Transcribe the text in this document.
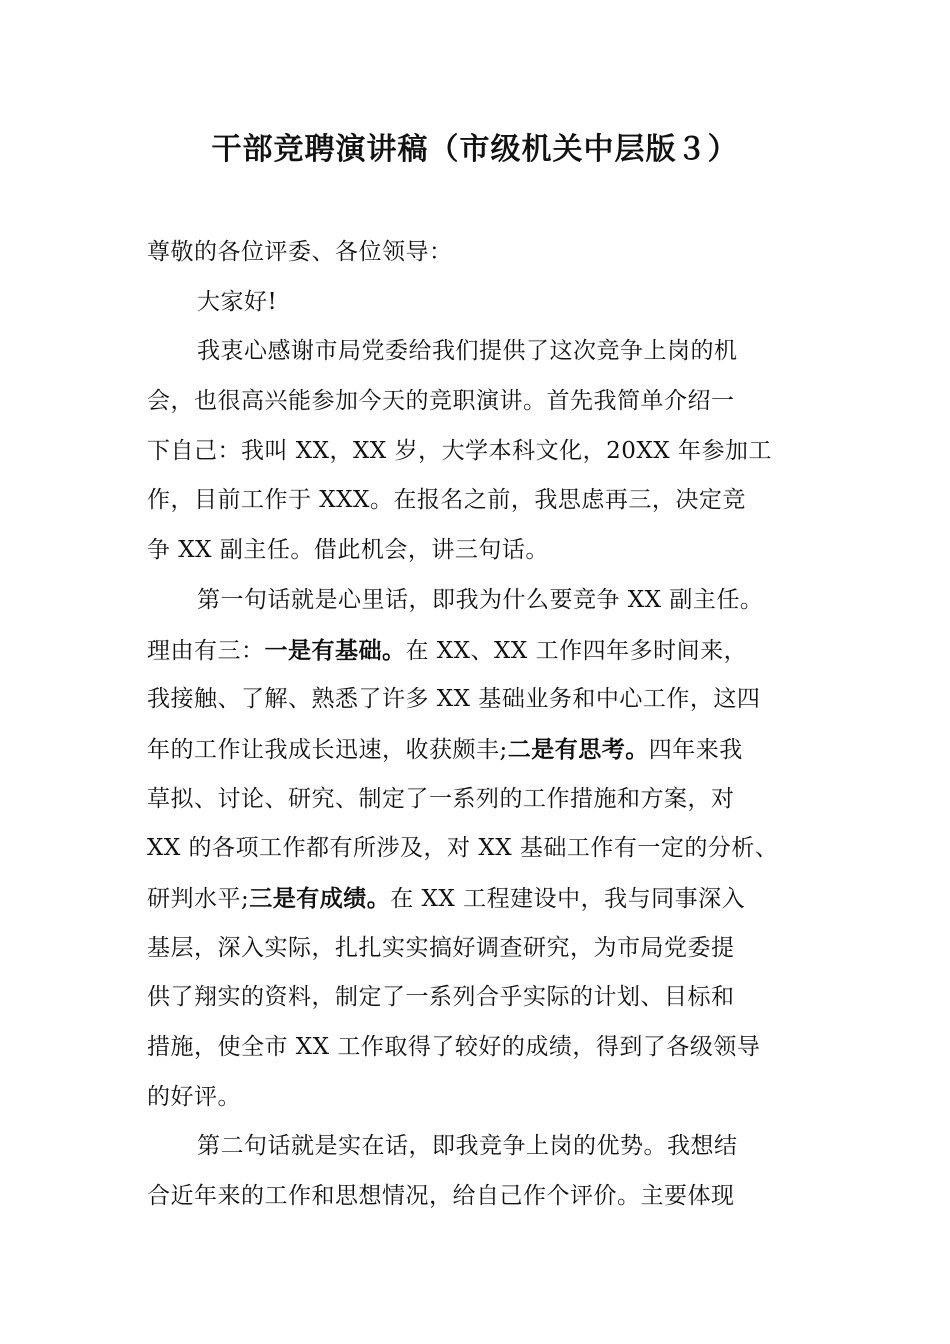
干部竞聘演讲稿（市级机关中层版３）
尊敬的各位评委、各位领导：
大家好!
我衷心感谢市局党委给我们提供了这次竞争上岗的机
会，也很高兴能参加今天的竞职演讲。首先我简单介绍一
下自己：我叫 XX，XX 岁，大学本科文化，20XX 年参加工
作，目前工作于 XXX。在报名之前，我思虑再三，决定竞
争 XX 副主任。借此机会，讲三句话。
第一句话就是心里话，即我为什么要竞争 XX 副主任。
理由有三：一是有基础。在 XX、XX 工作四年多时间来，
我接触、了解、熟悉了许多 XX 基础业务和中心工作，这四
年的工作让我成长迅速，收获颇丰;二是有思考。四年来我
草拟、讨论、研究、制定了一系列的工作措施和方案，对
XX 的各项工作都有所涉及，对 XX 基础工作有一定的分析、
研判水平;三是有成绩。在 XX 工程建设中，我与同事深入
基层，深入实际，扎扎实实搞好调查研究，为市局党委提
供了翔实的资料，制定了一系列合乎实际的计划、目标和
措施，使全市 XX 工作取得了较好的成绩，得到了各级领导
的好评。
第二句话就是实在话，即我竞争上岗的优势。我想结
合近年来的工作和思想情况，给自己作个评价。主要体现
